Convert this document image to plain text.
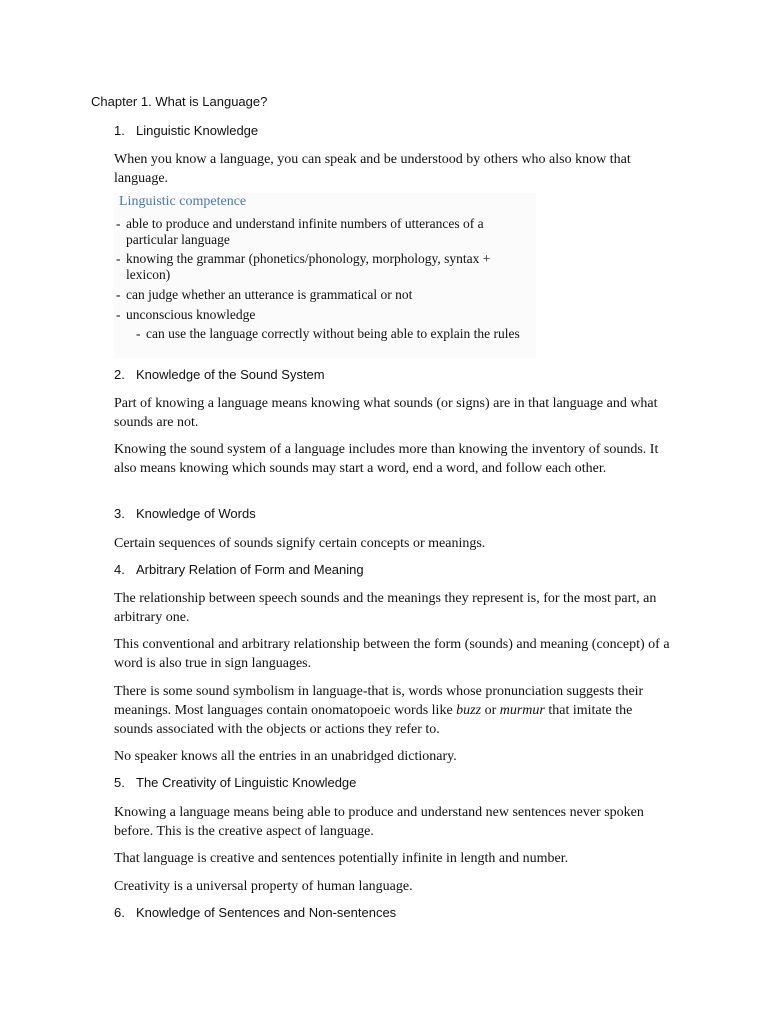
Chapter 1. What is Language?
1. Linguistic Knowledge

When you know a language, you can speak and be understood by others who also know that language.

Linguistic competence

- able to produce and understand infinite numbers of utterances of a particular language
- knowing the grammar (phonetics/phonology, morphology, syntax + lexicon)
- can judge whether an utterance is grammatical or not
- unconscious knowledge
- can use the language correctly without being able to explain the rules
2. Knowledge of the Sound System

Part of knowing a language means knowing what sounds (or signs) are in that language and what sounds are not.

Knowing the sound system of a language includes more than knowing the inventory of sounds. It also means knowing which sounds may start a word, end a word, and follow each other.

3. Knowledge of Words

Certain sequences of sounds signify certain concepts or meanings.

4. Arbitrary Relation of Form and Meaning

The relationship between speech sounds and the meanings they represent is, for the most part, an arbitrary one.

This conventional and arbitrary relationship between the form (sounds) and meaning (concept) of a word is also true in sign languages.

There is some sound symbolism in language-that is, words whose pronunciation suggests their meanings. Most languages contain onomatopoeic words like buzz or murmur that imitate the sounds associated with the objects or actions they refer to.

No speaker knows all the entries in an unabridged dictionary.

5. The Creativity of Linguistic Knowledge

Knowing a language means being able to produce and understand new sentences never spoken before. This is the creative aspect of language.

That language is creative and sentences potentially infinite in length and number.

Creativity is a universal property of human language.

6. Knowledge of Sentences and Non-sentences
